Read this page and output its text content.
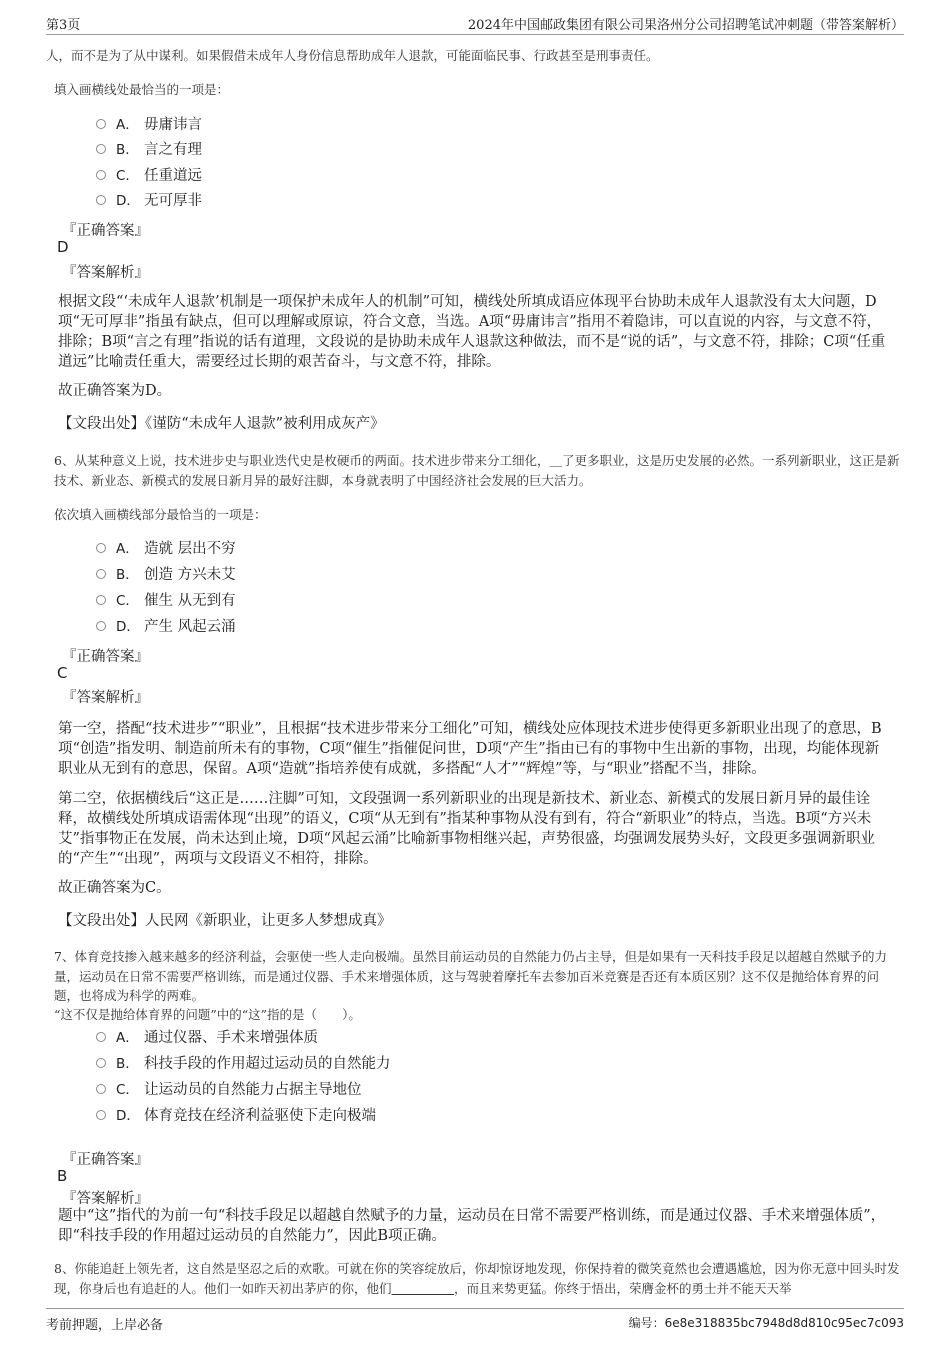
第3页	2024年中国邮政集团有限公司果洛州分公司招聘笔试冲刺题（带答案解析）
人，而不是为了从中谋利。如果假借未成年人身份信息帮助成年人退款，可能面临民事、行政甚至是刑事责任。
填入画横线处最恰当的一项是：
A． 毋庸讳言
B． 言之有理
C． 任重道远
D． 无可厚非
『正确答案』
D
『答案解析』
根据文段“‘未成年人退款’机制是一项保护未成年人的机制”可知，横线处所填成语应体现平台协助未成年人退款没有太大问题，D项“无可厚非”指虽有缺点，但可以理解或原谅，符合文意，当选。A项“毋庸讳言”指用不着隐讳，可以直说的内容，与文意不符，排除；B项“言之有理”指说的话有道理，文段说的是协助未成年人退款这种做法，而不是“说的话”，与文意不符，排除；C项“任重道远”比喻责任重大，需要经过长期的艰苦奋斗，与文意不符，排除。
故正确答案为D。
【文段出处】《谨防“未成年人退款”被利用成灰产》
6、从某种意义上说，技术进步史与职业迭代史是枚硬币的两面。技术进步带来分工细化，＿了更多职业，这是历史发展的必然。一系列新职业，这正是新技术、新业态、新模式的发展日新月异的最好注脚，本身就表明了中国经济社会发展的巨大活力。
依次填入画横线部分最恰当的一项是：
A． 造就 层出不穷
B． 创造 方兴未艾
C． 催生 从无到有
D． 产生 风起云涌
『正确答案』
C
『答案解析』
第一空，搭配“技术进步”“职业”，且根据“技术进步带来分工细化”可知，横线处应体现技术进步使得更多新职业出现了的意思，B项“创造”指发明、制造前所未有的事物，C项“催生”指催促问世，D项“产生”指由已有的事物中生出新的事物，出现，均能体现新职业从无到有的意思，保留。A项“造就”指培养使有成就，多搭配“人才”“辉煌”等，与“职业”搭配不当，排除。
第二空，依据横线后“这正是……注脚”可知，文段强调一系列新职业的出现是新技术、新业态、新模式的发展日新月异的最佳诠释，故横线处所填成语需体现“出现”的语义，C项“从无到有”指某种事物从没有到有，符合“新职业”的特点，当选。B项“方兴未艾”指事物正在发展，尚未达到止境，D项“风起云涌”比喻新事物相继兴起，声势很盛，均强调发展势头好，文段更多强调新职业的“产生”“出现”，两项与文段语义不相符，排除。
故正确答案为C。
【文段出处】人民网《新职业，让更多人梦想成真》
7、体育竞技掺入越来越多的经济利益，会驱使一些人走向极端。虽然目前运动员的自然能力仍占主导，但是如果有一天科技手段足以超越自然赋予的力量，运动员在日常不需要严格训练，而是通过仪器、手术来增强体质，这与驾驶着摩托车去参加百米竞赛是否还有本质区别？这不仅是抛给体育界的问题，也将成为科学的两难。
“这不仅是抛给体育界的问题”中的“这”指的是（　　）。
A． 通过仪器、手术来增强体质
B． 科技手段的作用超过运动员的自然能力
C． 让运动员的自然能力占据主导地位
D． 体育竞技在经济利益驱使下走向极端
『正确答案』
B
『答案解析』
题中“这”指代的为前一句“科技手段足以超越自然赋予的力量，运动员在日常不需要严格训练，而是通过仪器、手术来增强体质”，即“科技手段的作用超过运动员的自然能力”，因此B项正确。
8、你能追赶上领先者，这自然是坚忍之后的欢歌。可就在你的笑容绽放后，你却惊讶地发现，你保持着的微笑竟然也会遭遇尴尬，因为你无意中回头时发现，你身后也有追赶的人。他们一如昨天初出茅庐的你，他们＿＿＿＿＿，而且来势更猛。你终于悟出，荣膺金杯的勇士并不能天天举
考前押题，上岸必备	编号：6e8e318835bc7948d8d810c95ec7c093
